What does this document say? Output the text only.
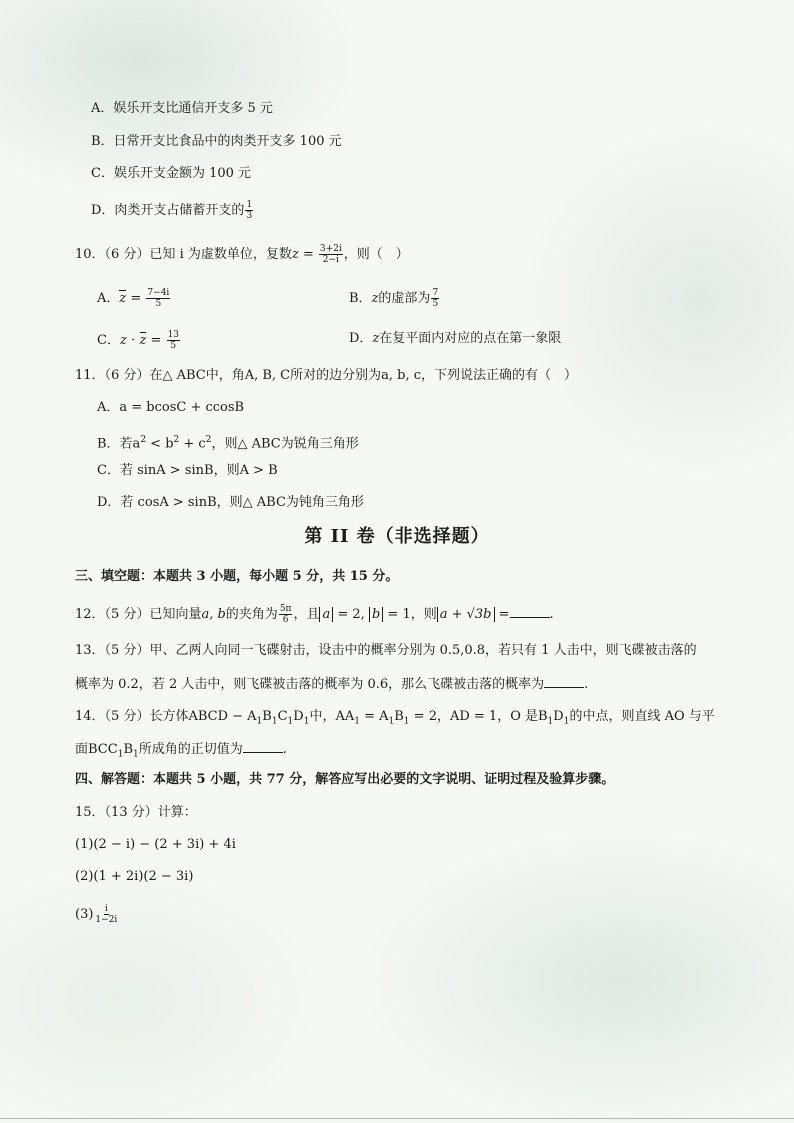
A．娱乐开支比通信开支多 5 元
B．日常开支比食品中的肉类开支多 100 元
C．娱乐开支金额为 100 元
D．肉类开支占储蓄开支的 $\frac{1}{3}$
10．（6 分）已知 i 为虚数单位，复数$z = \frac{3+2i}{2-i}$ ，则（　）
A．$z = \frac{7-4i}{5}$	B．z的虚部为 $\frac{7}{5}$
C．$z \cdot z = \frac{13}{5}$	D．z在复平面内对应的点在第一象限
11．（6 分）在△ ABC中，角A, B, C所对的边分别为a, b, c，下列说法正确的有（　）
A．a = bcosC + ccosB
B．若$a^2 < b^2 + c^2$，则△ ABC为锐角三角形
C．若 sinA > sinB，则A > B
D．若 cosA > sinB，则△ ABC为钝角三角形
第 II 卷（非选择题）
三、填空题：本题共 3 小题，每小题 5 分，共 15 分。
12．（5 分）已知向量a, b的夹角为 $\frac{5\pi}{6}$ ，且 a = 2, b = 1，则 a + √3b =	.
13．（5 分）甲、乙两人向同一飞碟射击，设击中的概率分别为 0.5,0.8，若只有 1 人击中，则飞碟被击落的
概率为 0.2，若 2 人击中，则飞碟被击落的概率为 0.6，那么飞碟被击落的概率为	.
14．（5 分）长方体ABCD − $A_1B_1C_1D_1$中，$AA_1 = A_1B_1 = 2$，AD = 1，O 是$B_1D_1$的中点，则直线 AO 与平
面$BCC_1B_1$所成角的正切值为	.
四、解答题：本题共 5 小题，共 77 分，解答应写出必要的文字说明、证明过程及验算步骤。
15．（13 分）计算：
(1)(2 − i) − (2 + 3i) + 4i
(2)(1 + 2i)(2 − 3i)
$(3) \frac{i}{1-2i}$
